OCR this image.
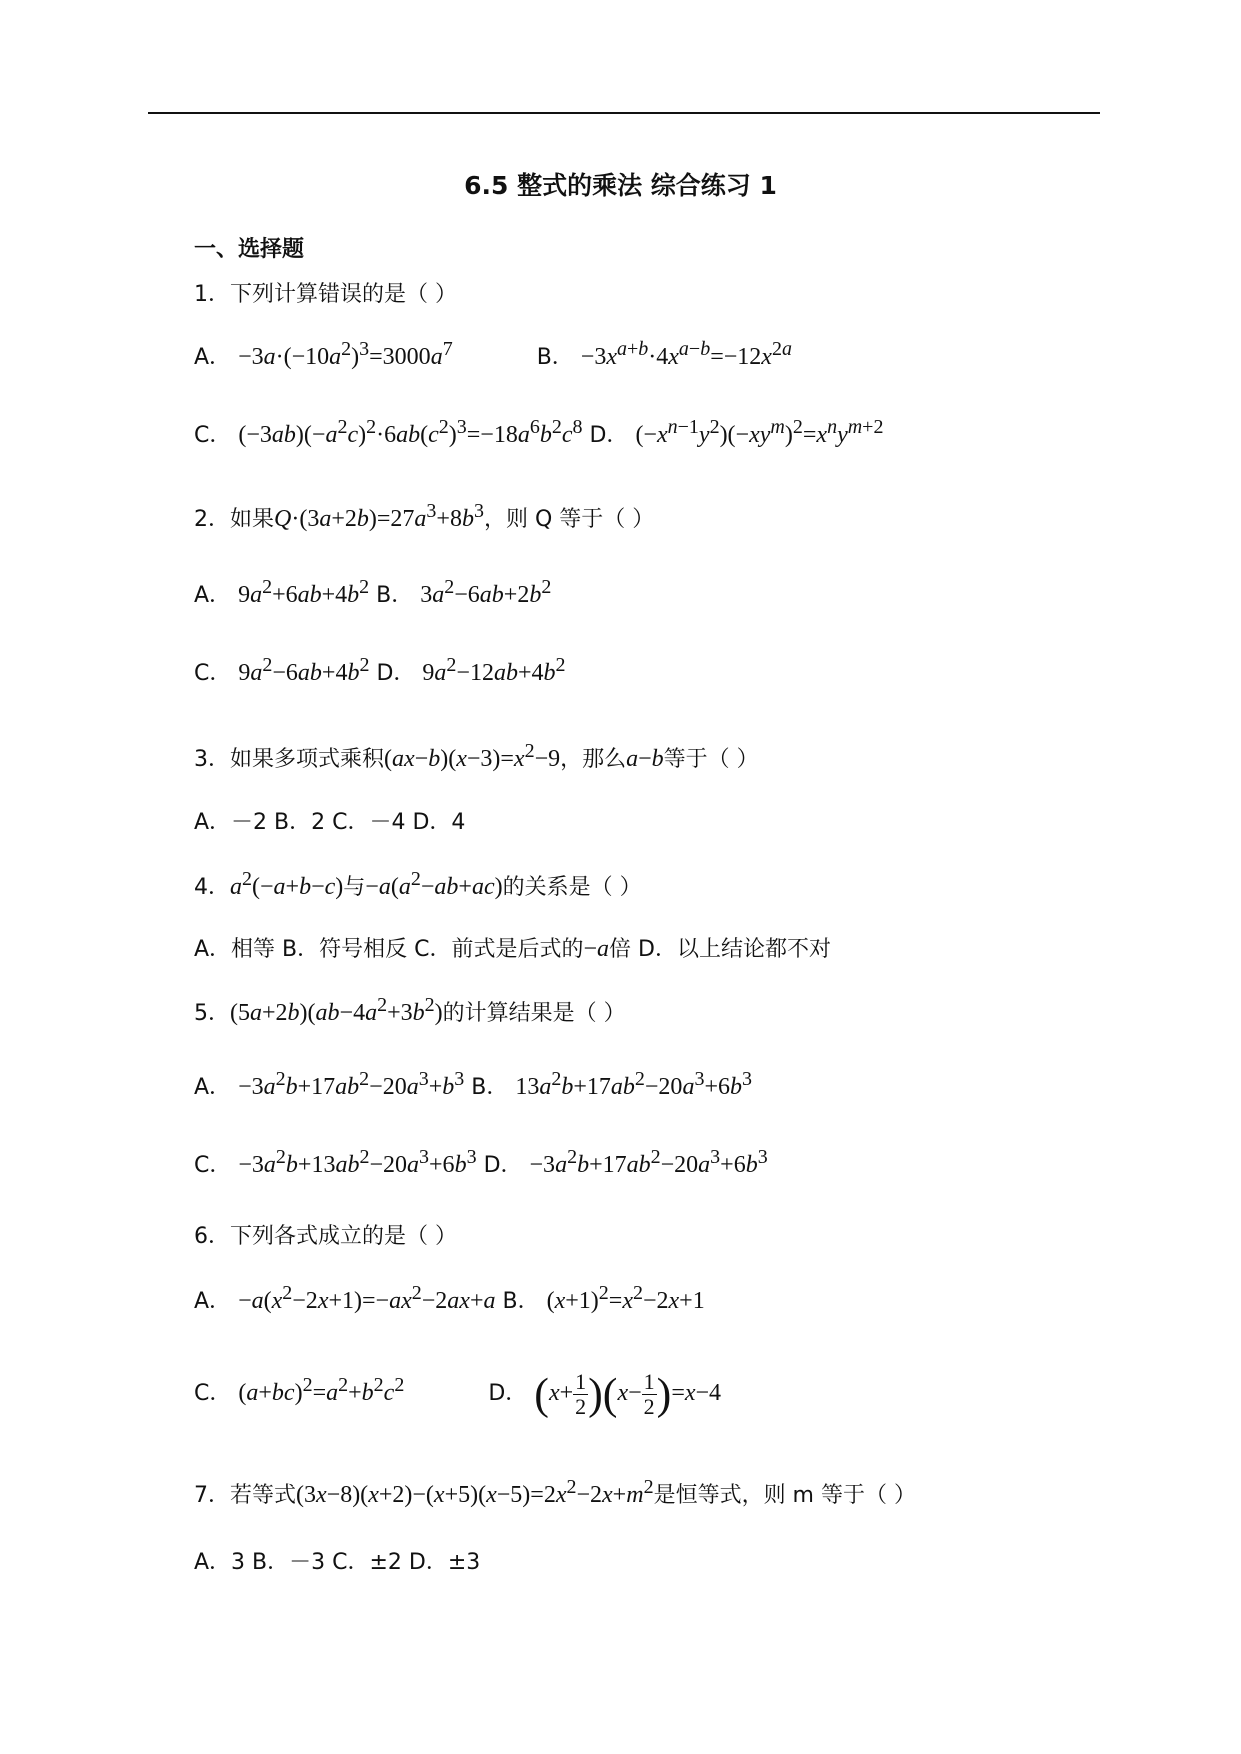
6.5 整式的乘法 综合练习 1
一、选择题
1．下列计算错误的是（ ）
A． $-3a\cdot(-10a^2)^3=3000a^7$	B． $-3x^{a+b}\cdot 4x^{a-b}=-12x^{2a}$
C． $(-3ab)(-a^2c)^2\cdot 6ab(c^2)^3=-18a^6b^2c^8$ D． $(-x^{n-1}y^2)(-xy^m)^2=x^ny^{m+2}$
2．如果$Q\cdot(3a+2b)=27a^3+8b^3$，则 Q 等于（ ）
A． $9a^2+6ab+4b^2$ B． $3a^2-6ab+2b^2$
C． $9a^2-6ab+4b^2$ D． $9a^2-12ab+4b^2$
3．如果多项式乘积$(ax-b)(x-3)=x^2-9$，那么a−b等于（ ）
A．－2 B．2 C．－4 D．4
4．$a^2(-a+b-c)$与$-a(a^2-ab+ac)$的关系是（ ）
A．相等 B．符号相反 C．前式是后式的−a倍 D．以上结论都不对
5．$(5a+2b)(ab-4a^2+3b^2)$的计算结果是（ ）
A． $-3a^2b+17ab^2-20a^3+b^3$ B． $13a^2b+17ab^2-20a^3+6b^3$
C． $-3a^2b+13ab^2-20a^3+6b^3$ D． $-3a^2b+17ab^2-20a^3+6b^3$
6．下列各式成立的是（ ）
A． $-a(x^2-2x+1)=-ax^2-2ax+a$ B． $(x+1)^2=x^2-2x+1$
C． $(a+bc)^2=a^2+b^2c^2$	D． $(x+ \frac{1}{2} )(x- \frac{1}{2} )=x-4$
7．若等式$(3x-8)(x+2)-(x+5)(x-5)=2x^2-2x+m^2$是恒等式，则 m 等于（ ）
A．3 B．－3 C．±2 D．±3
